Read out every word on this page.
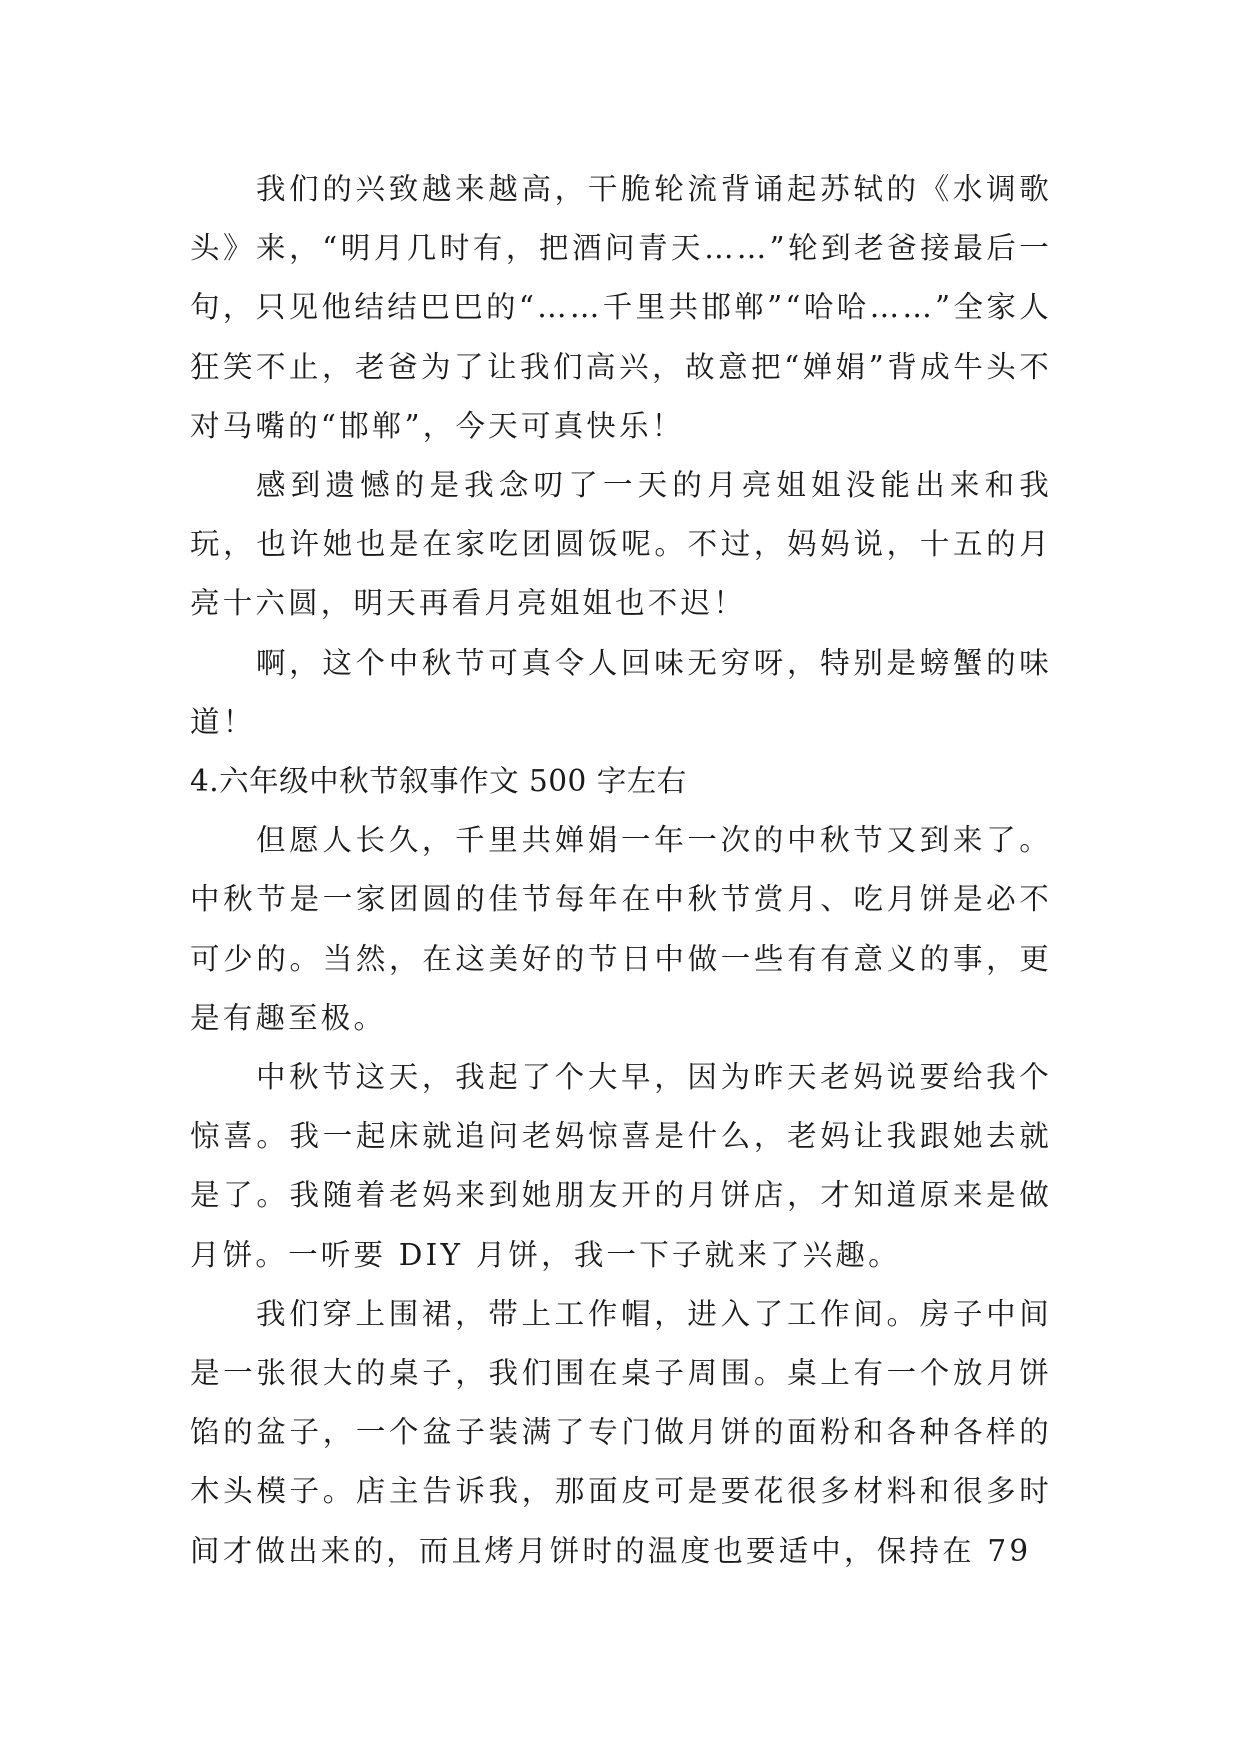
我们的兴致越来越高，干脆轮流背诵起苏轼的《水调歌头》来，“明月几时有，把酒问青天……”轮到老爸接最后一句，只见他结结巴巴的“……千里共邯郸”“哈哈……”全家人狂笑不止，老爸为了让我们高兴，故意把“婵娟”背成牛头不对马嘴的“邯郸”，今天可真快乐！

感到遗憾的是我念叨了一天的月亮姐姐没能出来和我玩，也许她也是在家吃团圆饭呢。不过，妈妈说，十五的月亮十六圆，明天再看月亮姐姐也不迟！

啊，这个中秋节可真令人回味无穷呀，特别是螃蟹的味道！

4.六年级中秋节叙事作文 500 字左右

但愿人长久，千里共婵娟一年一次的中秋节又到来了。中秋节是一家团圆的佳节每年在中秋节赏月、吃月饼是必不可少的。当然，在这美好的节日中做一些有有意义的事，更是有趣至极。

中秋节这天，我起了个大早，因为昨天老妈说要给我个惊喜。我一起床就追问老妈惊喜是什么，老妈让我跟她去就是了。我随着老妈来到她朋友开的月饼店，才知道原来是做月饼。一听要 DIY 月饼，我一下子就来了兴趣。

我们穿上围裙，带上工作帽，进入了工作间。房子中间是一张很大的桌子，我们围在桌子周围。桌上有一个放月饼馅的盆子，一个盆子装满了专门做月饼的面粉和各种各样的木头模子。店主告诉我，那面皮可是要花很多材料和很多时间才做出来的，而且烤月饼时的温度也要适中，保持在 79
